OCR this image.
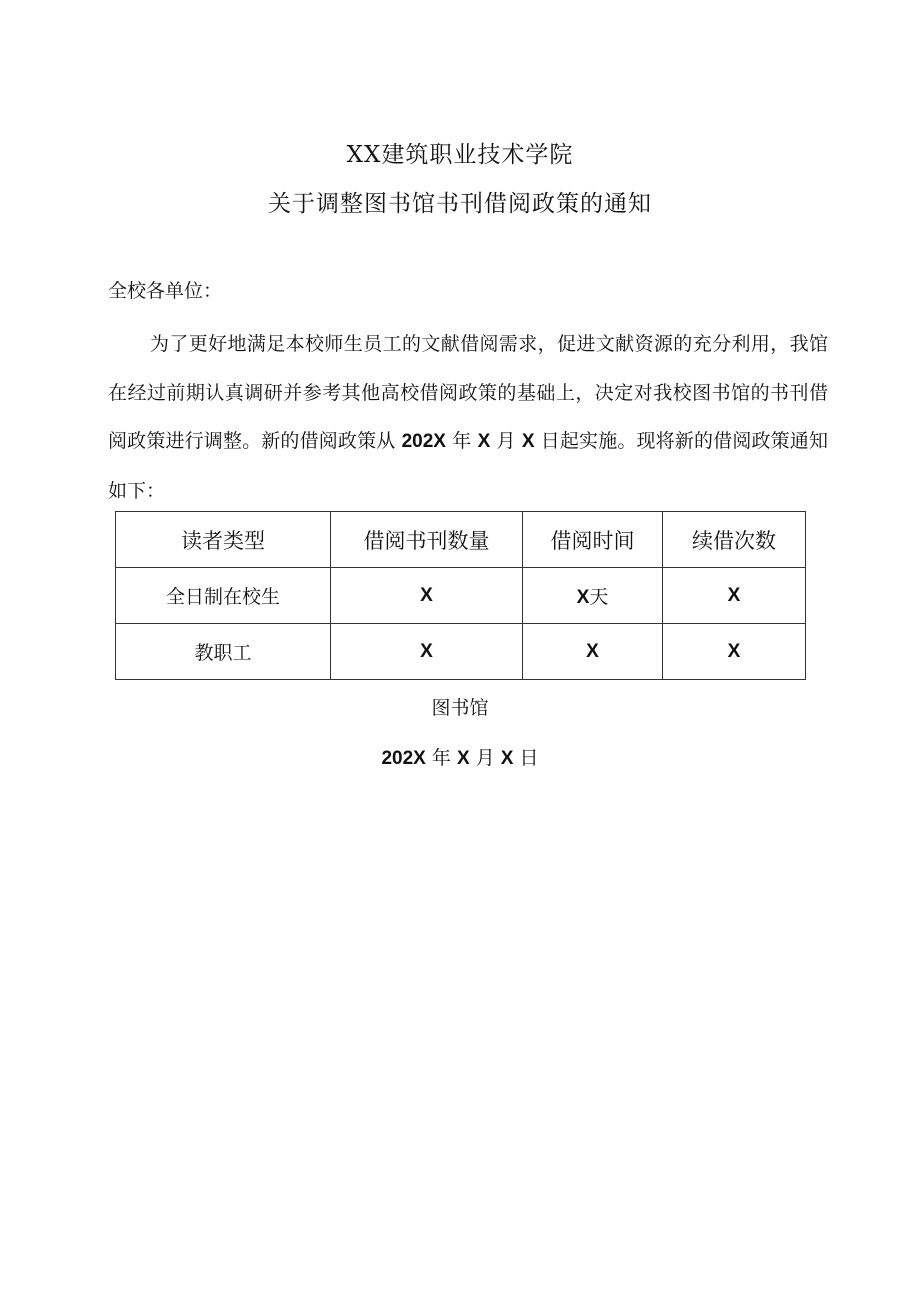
XX建筑职业技术学院
关于调整图书馆书刊借阅政策的通知
全校各单位：

为了更好地满足本校师生员工的文献借阅需求，促进文献资源的充分利用，我馆在经过前期认真调研并参考其他高校借阅政策的基础上，决定对我校图书馆的书刊借阅政策进行调整。新的借阅政策从 202X 年 X 月 X 日起实施。现将新的借阅政策通知如下：

读者类型	借阅书刊数量	借阅时间	续借次数
全日制在校生	X	X天	X
教职工	X	X	X
图书馆
202X 年 X 月 X 日
